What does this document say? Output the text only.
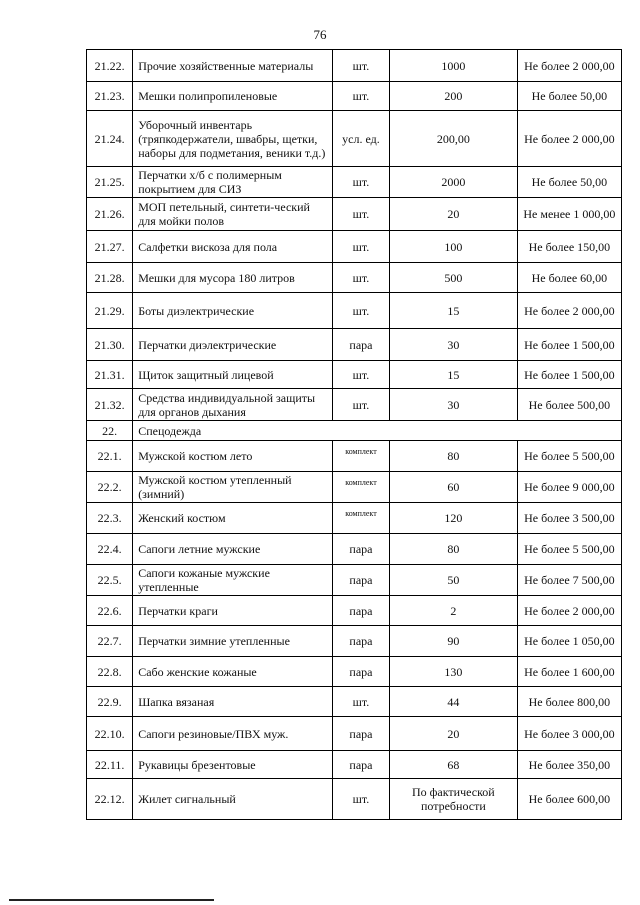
76
21.22.	Прочие хозяйственные материалы	шт.	1000	Не более 2 000,00
21.23.	Мешки полипропиленовые	шт.	200	Не более 50,00
21.24.	Уборочный инвентарь (тряпкодержатели, швабры, щетки, наборы для подметания, веники т.д.)	усл. ед.	200,00	Не более 2 000,00
21.25.	Перчатки х/б с полимерным покрытием для СИЗ	шт.	2000	Не более 50,00
21.26.	МОП петельный, синтети-ческий для мойки полов	шт.	20	Не менее 1 000,00
21.27.	Салфетки вискоза для пола	шт.	100	Не более 150,00
21.28.	Мешки для мусора 180 литров	шт.	500	Не более 60,00
21.29.	Боты диэлектрические	шт.	15	Не более 2 000,00
21.30.	Перчатки диэлектрические	пара	30	Не более 1 500,00
21.31.	Щиток защитный лицевой	шт.	15	Не более 1 500,00
21.32.	Средства индивидуальной защиты для органов дыхания	шт.	30	Не более 500,00
22.	Спецодежда			
22.1.	Мужской костюм лето	комплект	80	Не более 5 500,00
22.2.	Мужской костюм утепленный (зимний)	комплект	60	Не более 9 000,00
22.3.	Женский костюм	комплект	120	Не более 3 500,00
22.4.	Сапоги летние мужские	пара	80	Не более 5 500,00
22.5.	Сапоги кожаные мужские утепленные	пара	50	Не более 7 500,00
22.6.	Перчатки краги	пара	2	Не более 2 000,00
22.7.	Перчатки зимние утепленные	пара	90	Не более 1 050,00
22.8.	Сабо женские кожаные	пара	130	Не более 1 600,00
22.9.	Шапка вязаная	шт.	44	Не более 800,00
22.10.	Сапоги резиновые/ПВХ муж.	пара	20	Не более 3 000,00
22.11.	Рукавицы брезентовые	пара	68	Не более 350,00
22.12.	Жилет сигнальный	шт.	По фактической потребности	Не более 600,00
